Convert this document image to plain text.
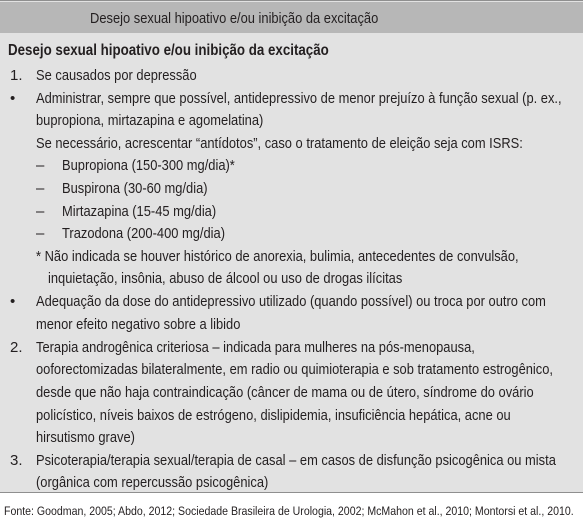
Desejo sexual hipoativo e/ou inibição da excitação
Desejo sexual hipoativo e/ou inibição da excitação
1. Se causados por depressão
• Administrar, sempre que possível, antidepressivo de menor prejuízo à função sexual (p. ex.,
bupropiona, mirtazapina e agomelatina)
Se necessário, acrescentar “antídotos”, caso o tratamento de eleição seja com ISRS:
– Bupropiona (150-300 mg/dia)*
– Buspirona (30-60 mg/dia)
– Mirtazapina (15-45 mg/dia)
– Trazodona (200-400 mg/dia)
* Não indicada se houver histórico de anorexia, bulimia, antecedentes de convulsão,
inquietação, insônia, abuso de álcool ou uso de drogas ilícitas
• Adequação da dose do antidepressivo utilizado (quando possível) ou troca por outro com
menor efeito negativo sobre a libido
2. Terapia androgênica criteriosa – indicada para mulheres na pós-menopausa,
ooforectomizadas bilateralmente, em radio ou quimioterapia e sob tratamento estrogênico,
desde que não haja contraindicação (câncer de mama ou de útero, síndrome do ovário
policístico, níveis baixos de estrógeno, dislipidemia, insuficiência hepática, acne ou
hirsutismo grave)
3. Psicoterapia/terapia sexual/terapia de casal – em casos de disfunção psicogênica ou mista
(orgânica com repercussão psicogênica)
Fonte: Goodman, 2005; Abdo, 2012; Sociedade Brasileira de Urologia, 2002; McMahon et al., 2010; Montorsi et al., 2010.
